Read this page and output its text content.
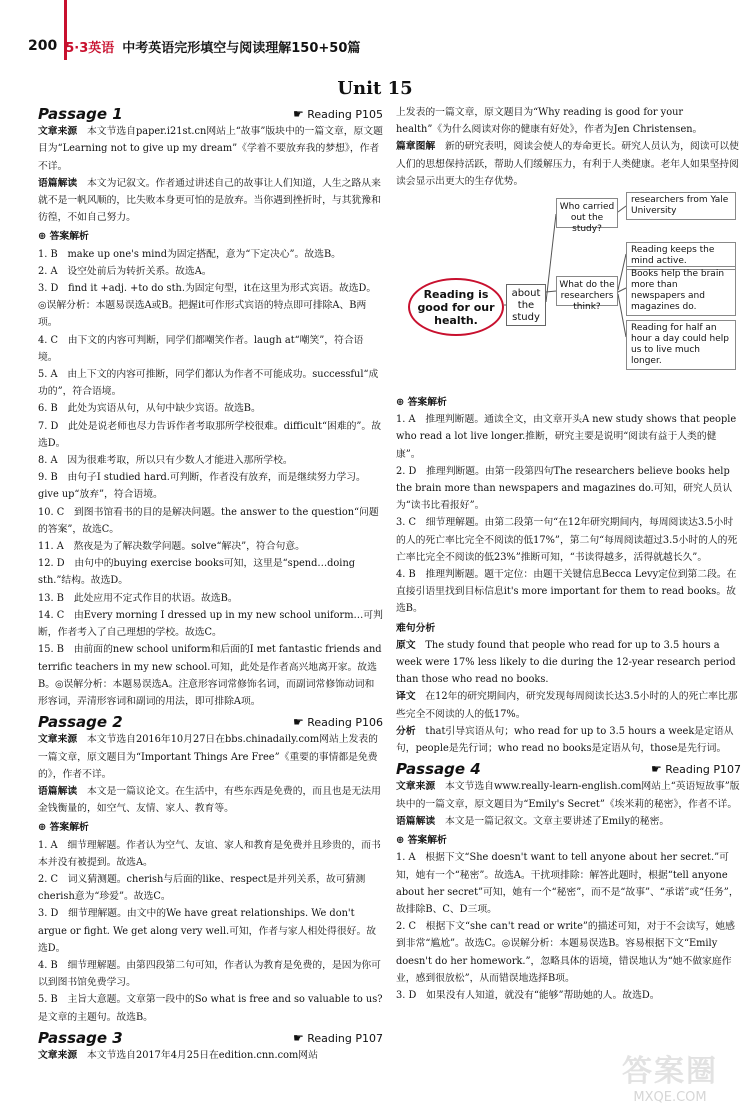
200 5·3英语 中考英语完形填空与阅读理解150+50篇
Unit 15
Passage 1	☛ Reading P105
文章来源　 本文节选自paper.i21st.cn网站上“故事”版块中的一篇文章，原文题目为“Learning not to give up my dream”《学着不要放弃我的梦想》，作者不详。
语篇解读　 本文为记叙文。作者通过讲述自己的故事让人们知道，人生之路从来就不是一帆风顺的，比失败本身更可怕的是放弃。当你遇到挫折时，与其犹豫和彷徨，不如自己努力。
⊕ 答案解析
1. B　make up one's mind为固定搭配，意为“下定决心”。故选B。
2. A　设空处前后为转折关系。故选A。
3. D　find it +adj. +to do sth.为固定句型，it在这里为形式宾语。故选D。◎误解分析：本题易误选A或B。把握it可作形式宾语的特点即可排除A、B两项。
4. C　由下文的内容可判断，同学们都嘲笑作者。laugh at“嘲笑”，符合语境。
5. A　由上下文的内容可推断，同学们都认为作者不可能成功。successful“成功的”，符合语境。
6. B　此处为宾语从句，从句中缺少宾语。故选B。
7. D　此处是说老师也尽力告诉作者考取那所学校很难。difficult“困难的”。故选D。
8. A　因为很难考取，所以只有少数人才能进入那所学校。
9. B　由句子I studied hard.可判断，作者没有放弃，而是继续努力学习。give up“放弃”，符合语境。
10. C　到图书馆看书的目的是解决问题。the answer to the question“问题的答案”，故选C。
11. A　熬夜是为了解决数学问题。solve“解决”，符合句意。
12. D　由句中的buying exercise books可知，这里是“spend…doing sth.”结构。故选D。
13. B　此处应用不定式作目的状语。故选B。
14. C　由Every morning I dressed up in my new school uniform…可判断，作者考入了自己理想的学校。故选C。
15. B　由前面的new school uniform和后面的I met fantastic friends and terrific teachers in my new school.可知，此处是作者高兴地离开家。故选B。◎误解分析：本题易误选A。注意形容词常修饰名词，而副词常修饰动词和形容词，弄清形容词和副词的用法，即可排除A项。
Passage 2	☛ Reading P106
文章来源　 本文节选自2016年10月27日在bbs.chinadaily.com网站上发表的一篇文章，原文题目为“Important Things Are Free”《重要的事情都是免费的》，作者不详。
语篇解读　 本文是一篇议论文。在生活中，有些东西是免费的，而且也是无法用金钱衡量的，如空气、友情、家人、教育等。
⊕ 答案解析
1. A　细节理解题。作者认为空气、友谊、家人和教育是免费并且珍贵的，而书本并没有被提到。故选A。
2. C　词义猜测题。cherish与后面的like、respect是并列关系，故可猜测cherish意为“珍爱”。故选C。
3. D　细节理解题。由文中的We have great relationships. We don't argue or fight. We get along very well.可知，作者与家人相处得很好。故选D。
4. B　细节理解题。由第四段第二句可知，作者认为教育是免费的，是因为你可以到图书馆免费学习。
5. B　主旨大意题。文章第一段中的So what is free and so valuable to us?是文章的主题句。故选B。
Passage 3	☛ Reading P107
文章来源　 本文节选自2017年4月25日在edition.cnn.com网站
上发表的一篇文章，原文题目为“Why reading is good for your health”《为什么阅读对你的健康有好处》，作者为Jen Christensen。
篇章图解　 新的研究表明，阅读会使人的寿命更长。研究人员认为，阅读可以使人们的思想保持活跃，帮助人们缓解压力，有利于人类健康。老年人如果坚持阅读会显示出更大的生存优势。
Reading is good for our health.
about the study
Who carried out the study?
What do the researchers think?
researchers from Yale University
Reading keeps the mind active.
Books help the brain more than newspapers and magazines do.
Reading for half an hour a day could help us to live much longer.
⊕ 答案解析
1. A　推理判断题。通读全文，由文章开头A new study shows that people who read a lot live longer.推断，研究主要是说明“阅读有益于人类的健康”。
2. D　推理判断题。由第一段第四句The researchers believe books help the brain more than newspapers and magazines do.可知，研究人员认为“读书比看报好”。
3. C　细节理解题。由第二段第一句“在12年研究期间内，每周阅读达3.5小时的人的死亡率比完全不阅读的低17%”，第二句“每周阅读超过3.5小时的人的死亡率比完全不阅读的低23%”推断可知，“书读得越多，活得就越长久”。
4. B　推理判断题。题干定位：由题干关键信息Becca Levy定位到第二段。在直接引语里找到目标信息it's more important for them to read books。故选B。
难句分析
原文　 The study found that people who read for up to 3.5 hours a week were 17% less likely to die during the 12-year research period than those who read no books.
译文　 在12年的研究期间内，研究发现每周阅读长达3.5小时的人的死亡率比那些完全不阅读的人的低17%。
分析　 that引导宾语从句；who read for up to 3.5 hours a week是定语从句，people是先行词；who read no books是定语从句，those是先行词。
Passage 4	☛ Reading P107
文章来源　 本文节选自www.really-learn-english.com网站上“英语短故事”版块中的一篇文章，原文题目为“Emily's Secret”《埃米莉的秘密》，作者不详。
语篇解读　 本文是一篇记叙文。文章主要讲述了Emily的秘密。
⊕ 答案解析
1. A　根据下文“She doesn't want to tell anyone about her secret.”可知，她有一个“秘密”。故选A。干扰项排除：解答此题时，根据“tell anyone about her secret”可知，她有一个“秘密”，而不是“故事”、“承诺”或“任务”，故排除B、C、D三项。
2. C　根据下文“she can't read or write”的描述可知，对于不会读写，她感到非常“尴尬”。故选C。◎误解分析：本题易误选B。容易根据下文“Emily doesn't do her homework.”，忽略具体的语境，错误地认为“她不做家庭作业，感到很放松”，从而错误地选择B项。
3. D　如果没有人知道，就没有“能够”帮助她的人。故选D。
答案圈
MXQE.COM
